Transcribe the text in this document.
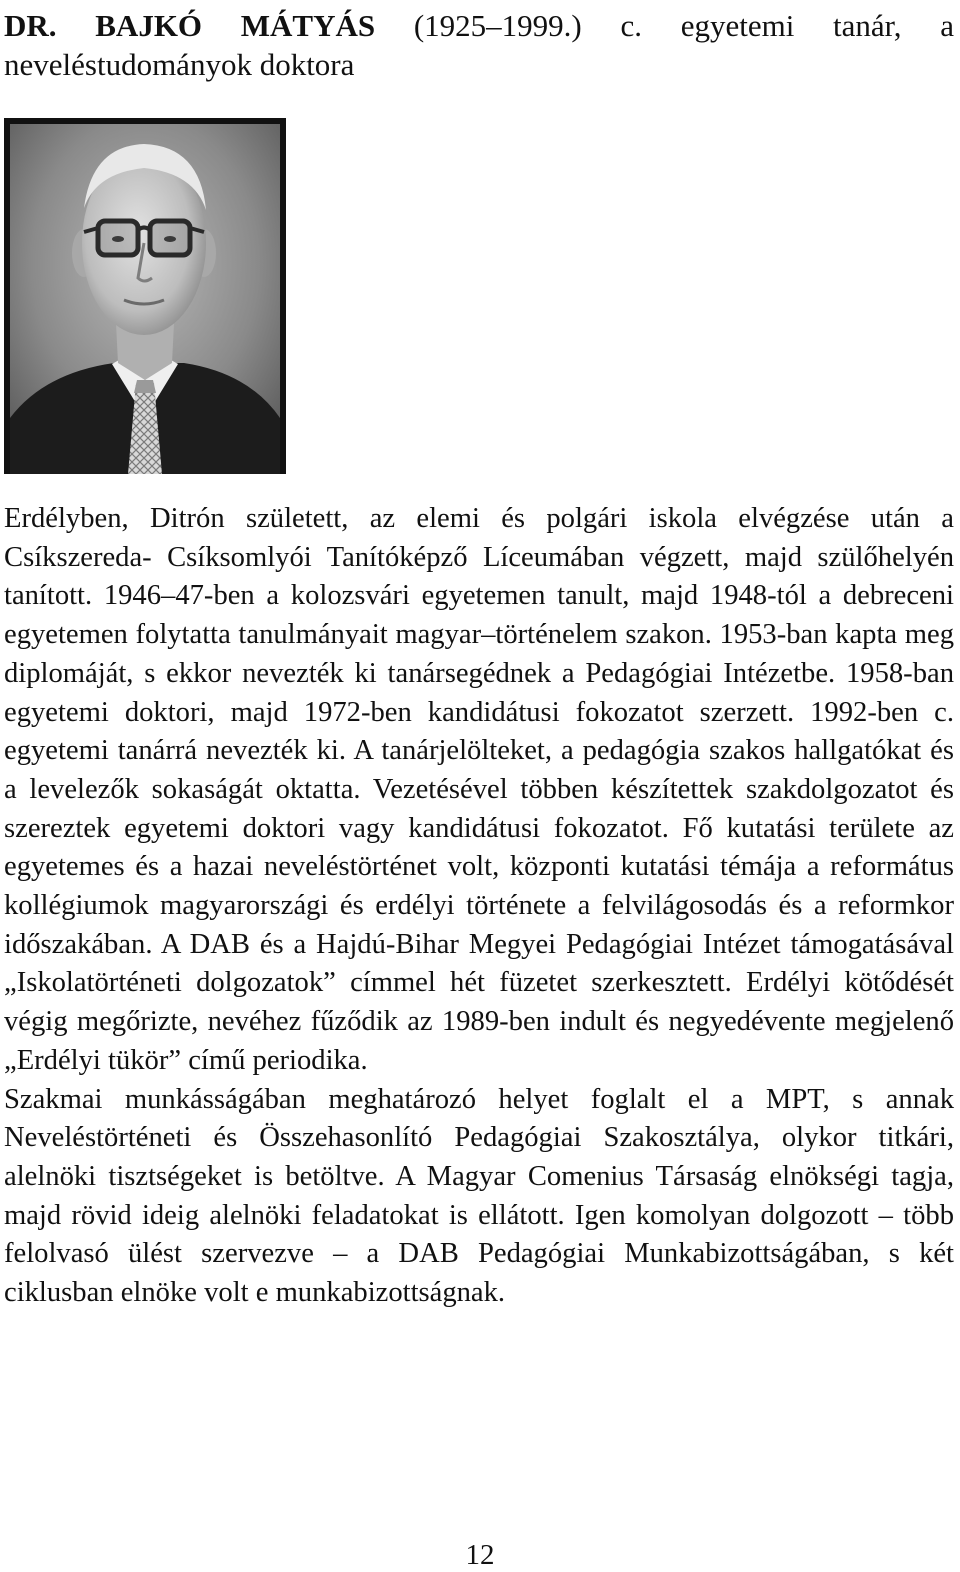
DR. BAJKÓ MÁTYÁS (1925–1999.) c. egyetemi tanár, a neveléstudományok doktora

Erdélyben, Ditrón született, az elemi és polgári iskola elvégzése után a Csíkszereda- Csíksomlyói Tanítóképző Líceumában végzett, majd szülőhelyén tanított. 1946–47-ben a kolozsvári egyetemen tanult, majd 1948-tól a debreceni egyetemen folytatta tanulmányait magyar–történelem szakon. 1953-ban kapta meg diplomáját, s ekkor nevezték ki tanársegédnek a Pedagógiai Intézetbe. 1958-ban egyetemi doktori, majd 1972-ben kandidátusi fokozatot szerzett. 1992-ben c. egyetemi tanárrá nevezték ki. A tanárjelölteket, a pedagógia szakos hallgatókat és a levelezők sokaságát oktatta. Vezetésével többen készítettek szakdolgozatot és szereztek egyetemi doktori vagy kandidátusi fokozatot. Fő kutatási területe az egyetemes és a hazai neveléstörténet volt, központi kutatási témája a református kollégiumok magyarországi és erdélyi története a felvilágosodás és a reformkor időszakában. A DAB és a Hajdú-Bihar Megyei Pedagógiai Intézet támogatásával „Iskolatörténeti dolgozatok” címmel hét füzetet szerkesztett. Erdélyi kötődését végig megőrizte, nevéhez fűződik az 1989-ben indult és negyedévente megjelenő „Erdélyi tükör” című periodika.

Szakmai munkásságában meghatározó helyet foglalt el a MPT, s annak Neveléstörténeti és Összehasonlító Pedagógiai Szakosztálya, olykor titkári, alelnöki tisztségeket is betöltve. A Magyar Comenius Társaság elnökségi tagja, majd rövid ideig alelnöki feladatokat is ellátott. Igen komolyan dolgozott – több felolvasó ülést szervezve – a DAB Pedagógiai Munkabizottságában, s két ciklusban elnöke volt e munkabizottságnak.

12
